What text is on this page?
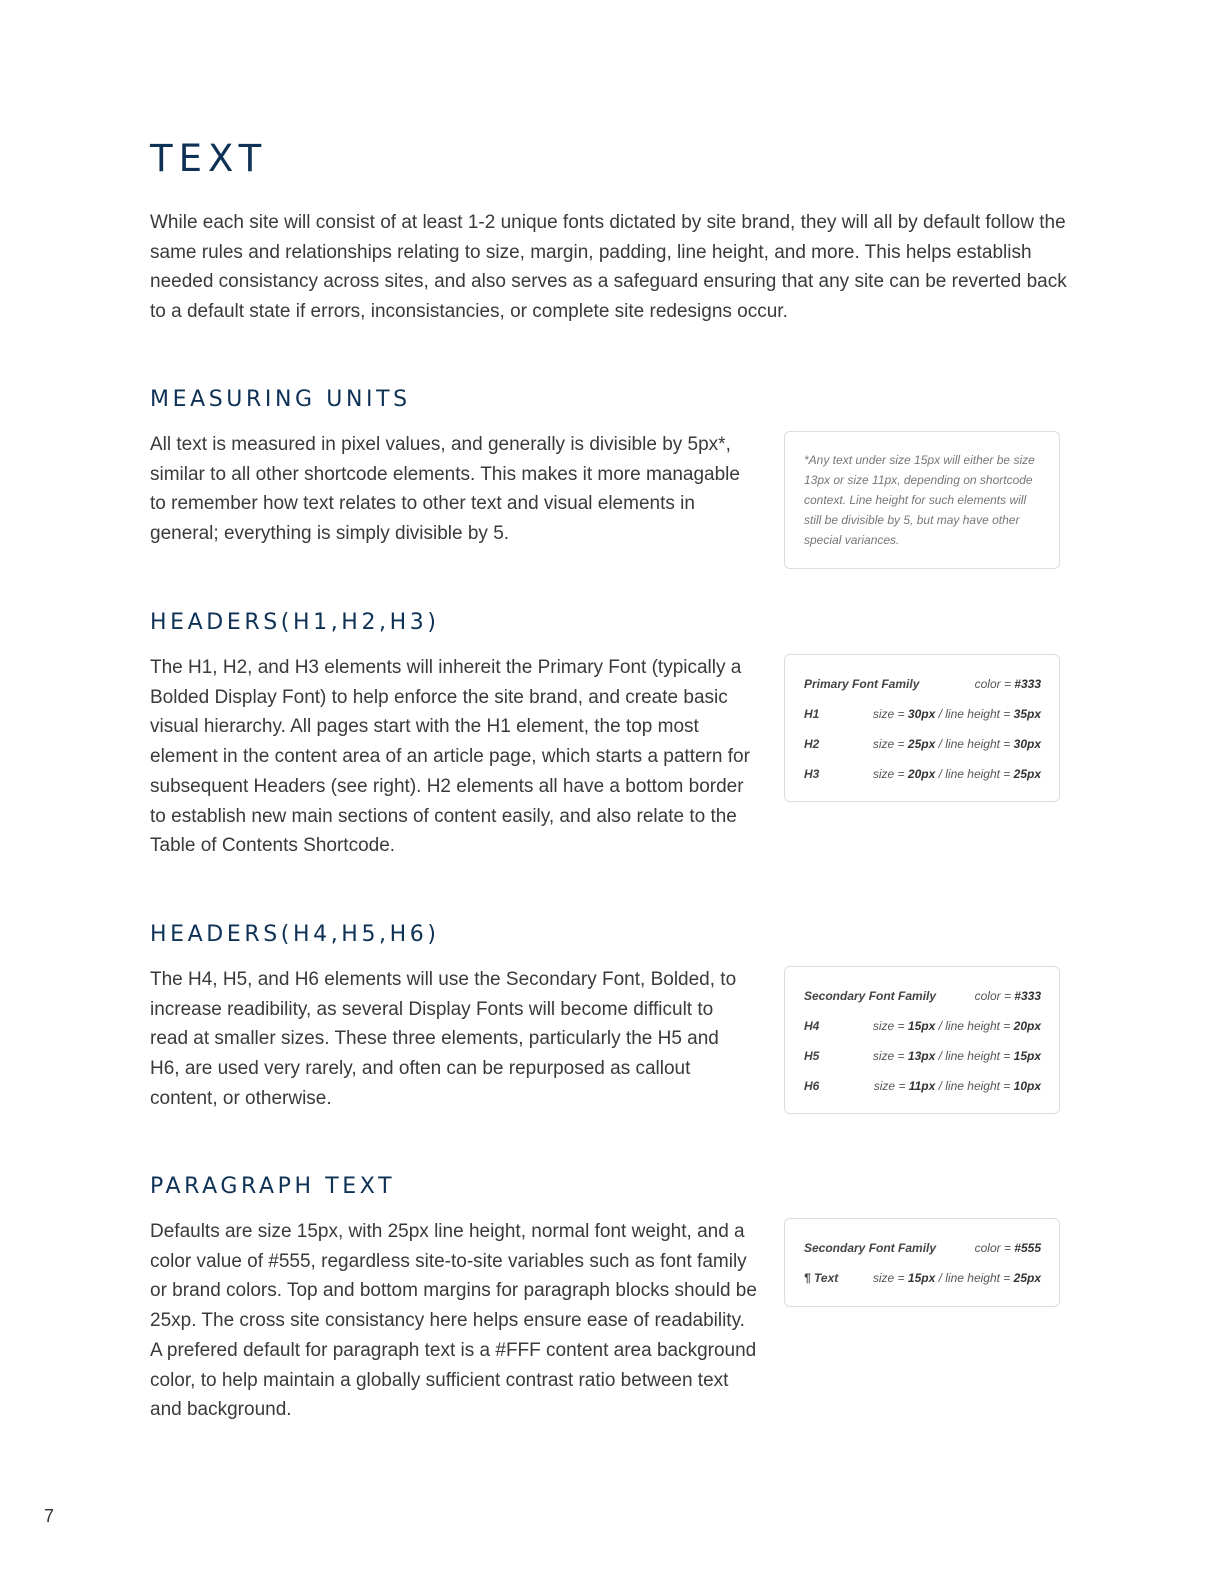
TEXT

While each site will consist of at least 1-2 unique fonts dictated by site brand, they will all by default follow the same rules and relationships relating to size, margin, padding, line height, and more. This helps establish needed consistancy across sites, and also serves as a safeguard ensuring that any site can be reverted back to a default state if errors, inconsistancies, or complete site redesigns occur.

MEASURING UNITS

All text is measured in pixel values, and generally is divisible by 5px*, similar to all other shortcode elements. This makes it more managable to remember how text relates to other text and visual elements in general; everything is simply divisible by 5.

*Any text under size 15px will either be size 13px or size 11px, depending on shortcode context. Line height for such elements will still be divisible by 5, but may have other special variances.
HEADERS(H1,H2,H3)

The H1, H2, and H3 elements will inhereit the Primary Font (typically a Bolded Display Font) to help enforce the site brand, and create basic visual hierarchy. All pages start with the H1 element, the top most element in the content area of an article page, which starts a pattern for subsequent Headers (see right). H2 elements all have a bottom border to establish new main sections of content easily, and also relate to the Table of Contents Shortcode.

Primary Font Family	color = #333
H1	size = 30px / line height = 35px
H2	size = 25px / line height = 30px
H3	size = 20px / line height = 25px
HEADERS(H4,H5,H6)

The H4, H5, and H6 elements will use the Secondary Font, Bolded, to increase readibility, as several Display Fonts will become difficult to read at smaller sizes. These three elements, particularly the H5 and H6, are used very rarely, and often can be repurposed as callout content, or otherwise.

Secondary Font Family	color = #333
H4	size = 15px / line height = 20px
H5	size = 13px / line height = 15px
H6	size = 11px / line height = 10px
PARAGRAPH TEXT

Defaults are size 15px, with 25px line height, normal font weight, and a color value of #555, regardless site-to-site variables such as font family or brand colors. Top and bottom margins for paragraph blocks should be 25xp. The cross site consistancy here helps ensure ease of readability. A prefered default for paragraph text is a #FFF content area background color, to help maintain a globally sufficient contrast ratio between text and background.

Secondary Font Family	color = #555
¶ Text	size = 15px / line height = 25px
7
